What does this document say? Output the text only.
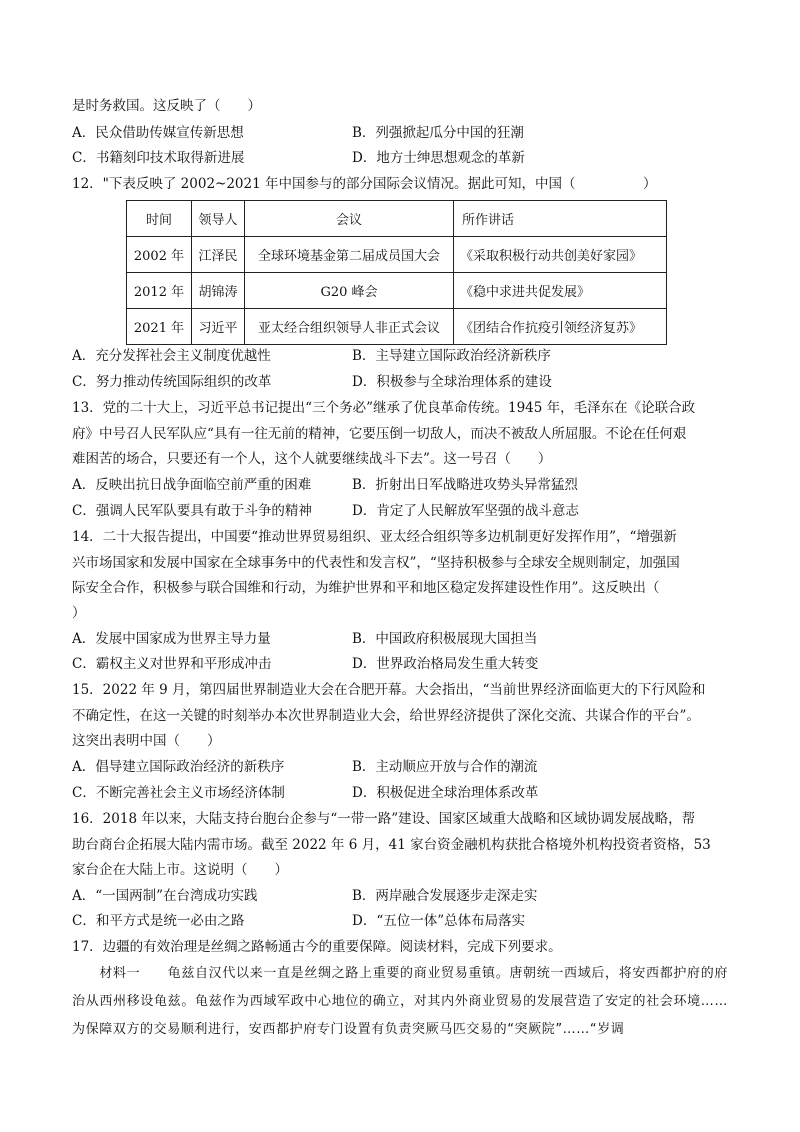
是时务救国。这反映了（　　）
A．民众借助传媒宣传新思想	B．列强掀起瓜分中国的狂潮
C．书籍刻印技术取得新进展	D．地方士绅思想观念的革新
12．"下表反映了 2002~2021 年中国参与的部分国际会议情况。据此可知，中国（　　　　　）
时间	领导人	会议	所作讲话
2002 年	江泽民	全球环境基金第二届成员国大会	《采取积极行动共创美好家园》
2012 年	胡锦涛	G20 峰会	《稳中求进共促发展》
2021 年	习近平	亚太经合组织领导人非正式会议	《团结合作抗疫引领经济复苏》
A．充分发挥社会主义制度优越性	B．主导建立国际政治经济新秩序
C．努力推动传统国际组织的改革	D．积极参与全球治理体系的建设
13．党的二十大上，习近平总书记提出“三个务必”继承了优良革命传统。1945 年，毛泽东在《论联合政
府》中号召人民军队应“具有一往无前的精神，它要压倒一切敌人，而决不被敌人所屈服。不论在任何艰
难困苦的场合，只要还有一个人，这个人就要继续战斗下去”。这一号召（　　）
A．反映出抗日战争面临空前严重的困难	B．折射出日军战略进攻势头异常猛烈
C．强调人民军队要具有敢于斗争的精神	D．肯定了人民解放军坚强的战斗意志
14．二十大报告提出，中国要“推动世界贸易组织、亚太经合组织等多边机制更好发挥作用”，“增强新
兴市场国家和发展中国家在全球事务中的代表性和发言权”，“坚持积极参与全球安全规则制定，加强国
际安全合作，积极参与联合国维和行动，为维护世界和平和地区稳定发挥建设性作用”。这反映出（
）
A．发展中国家成为世界主导力量	B．中国政府积极展现大国担当
C．霸权主义对世界和平形成冲击	D．世界政治格局发生重大转变
15．2022 年 9 月，第四届世界制造业大会在合肥开幕。大会指出，“当前世界经济面临更大的下行风险和
不确定性，在这一关键的时刻举办本次世界制造业大会，给世界经济提供了深化交流、共谋合作的平台”。
这突出表明中国（　　）
A．倡导建立国际政治经济的新秩序	B．主动顺应开放与合作的潮流
C．不断完善社会主义市场经济体制	D．积极促进全球治理体系改革
16．2018 年以来，大陆支持台胞台企参与“一带一路”建设、国家区域重大战略和区域协调发展战略，帮
助台商台企拓展大陆内需市场。截至 2022 年 6 月，41 家台资金融机构获批合格境外机构投资者资格，53
家台企在大陆上市。这说明（　　）
A．“一国两制”在台湾成功实践	B．两岸融合发展逐步走深走实
C．和平方式是统一必由之路	D．“五位一体”总体布局落实
17．边疆的有效治理是丝绸之路畅通古今的重要保障。阅读材料，完成下列要求。
　　材料一　　龟兹自汉代以来一直是丝绸之路上重要的商业贸易重镇。唐朝统一西域后，将安西都护府的府治从西州移设龟兹。龟兹作为西域军政中心地位的确立，对其内外商业贸易的发展营造了安定的社会环境……为保障双方的交易顺利进行，安西都护府专门设置有负责突厥马匹交易的“突厥院”……“岁调
